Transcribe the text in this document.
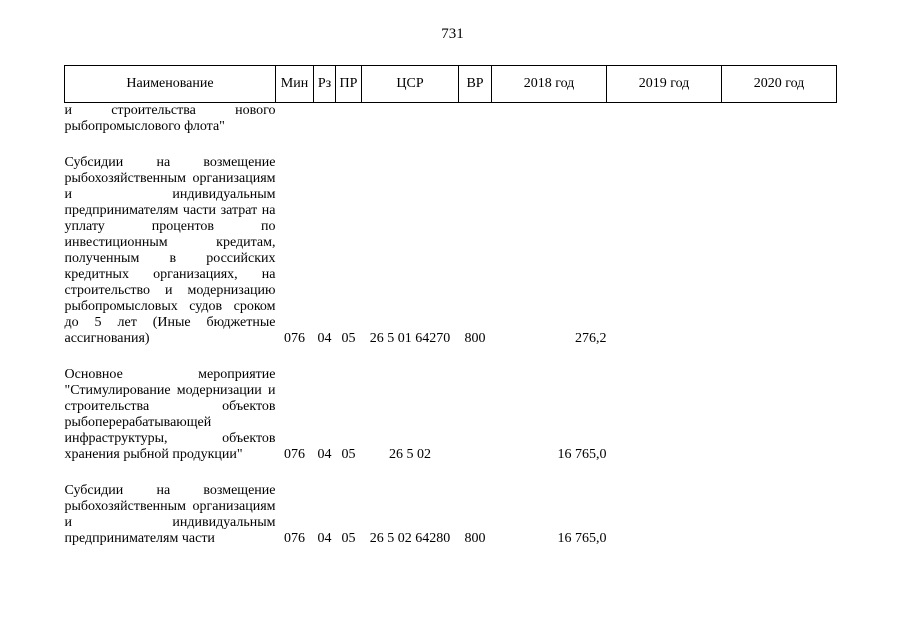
731
Наименование	Мин	Рз	ПР	ЦСР	ВР	2018 год	2019 год	2020 год
и строительства нового рыбопромыслового флота"								

Субсидии на возмещение рыбохозяйственным организациям и индивидуальным предпринимателям части затрат на уплату процентов по инвестиционным кредитам, полученным в российских кредитных организациях, на строительство и модернизацию рыбопромысловых судов сроком до 5 лет (Иные бюджетные ассигнования)	076	04	05	26 5 01 64270	800	276,2		

Основное мероприятие "Стимулирование модернизации и строительства объектов рыбоперерабатывающей инфраструктуры, объектов хранения рыбной продукции"	076	04	05	26 5 02		16 765,0		

Субсидии на возмещение рыбохозяйственным организациям и индивидуальным предпринимателям части	076	04	05	26 5 02 64280	800	16 765,0		
